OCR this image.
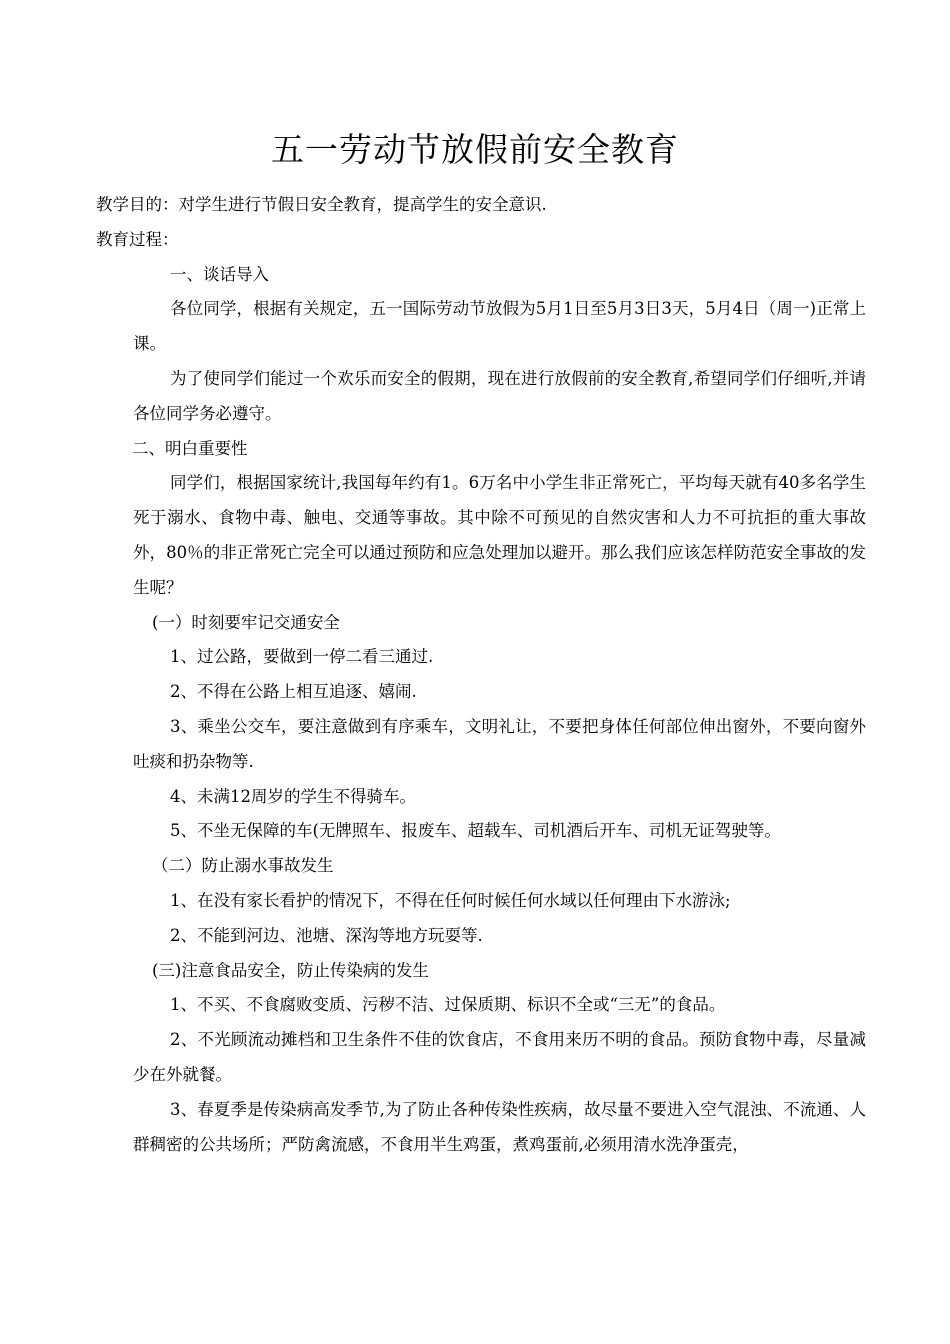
五一劳动节放假前安全教育

教学目的：对学生进行节假日安全教育，提高学生的安全意识.

教育过程：

一、谈话导入

各位同学，根据有关规定，五一国际劳动节放假为5月1日至5月3日3天，5月4日（周一)正常上课。

为了使同学们能过一个欢乐而安全的假期，现在进行放假前的安全教育,希望同学们仔细听,并请各位同学务必遵守。

二、明白重要性

同学们，根据国家统计,我国每年约有1。6万名中小学生非正常死亡，平均每天就有40多名学生死于溺水、食物中毒、触电、交通等事故。其中除不可预见的自然灾害和人力不可抗拒的重大事故外，80％的非正常死亡完全可以通过预防和应急处理加以避开。那么我们应该怎样防范安全事故的发生呢？

(一）时刻要牢记交通安全

1、过公路，要做到一停二看三通过.

2、不得在公路上相互追逐、嬉闹.

3、乘坐公交车，要注意做到有序乘车，文明礼让，不要把身体任何部位伸出窗外，不要向窗外吐痰和扔杂物等.

4、未满12周岁的学生不得骑车。

5、不坐无保障的车(无牌照车、报废车、超载车、司机酒后开车、司机无证驾驶等。

（二）防止溺水事故发生

1、在没有家长看护的情况下，不得在任何时候任何水域以任何理由下水游泳;

2、不能到河边、池塘、深沟等地方玩耍等.

(三)注意食品安全，防止传染病的发生

1、不买、不食腐败变质、污秽不洁、过保质期、标识不全或“三无”的食品。

2、不光顾流动摊档和卫生条件不佳的饮食店，不食用来历不明的食品。预防食物中毒，尽量减少在外就餐。

3、春夏季是传染病高发季节,为了防止各种传染性疾病，故尽量不要进入空气混浊、不流通、人群稠密的公共场所；严防禽流感，不食用半生鸡蛋，煮鸡蛋前,必须用清水洗净蛋壳，
